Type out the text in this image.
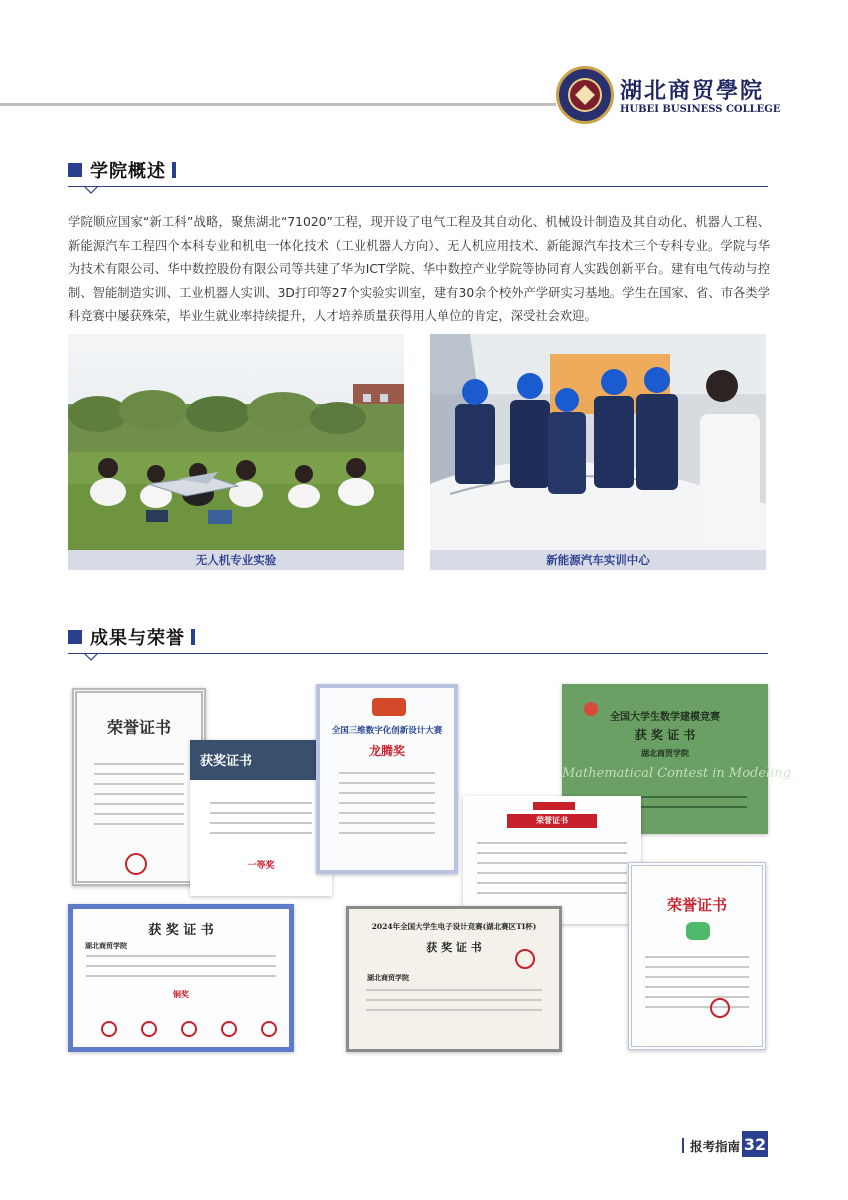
湖北商贸學院
HUBEI BUSINESS COLLEGE
学院概述

学院顺应国家“新工科”战略，聚焦湖北“71020”工程，现开设了电气工程及其自动化、机械设计制造及其自动化、机器人工程、新能源汽车工程四个本科专业和机电一体化技术（工业机器人方向）、无人机应用技术、新能源汽车技术三个专科专业。学院与华为技术有限公司、华中数控股份有限公司等共建了华为ICT学院、华中数控产业学院等协同育人实践创新平台。建有电气传动与控制、智能制造实训、工业机器人实训、3D打印等27个实验实训室，建有30余个校外产学研实习基地。学生在国家、省、市各类学科竞赛中屡获殊荣，毕业生就业率持续提升，人才培养质量获得用人单位的肯定，深受社会欢迎。

无人机专业实验	新能源汽车实训中心
成果与荣誉
荣誉证书
获奖证书
一等奖
全国三维数字化创新设计大赛
龙腾奖
全国大学生数学建模竞赛
获 奖 证 书
湖北商贸学院
Mathematical Contest in Modeling
荣誉证书
获 奖 证 书
湖北商贸学院
铜奖
2024年全国大学生电子设计竞赛(湖北赛区TI杯)
获 奖 证 书
湖北商贸学院
荣誉证书
报考指南 32
